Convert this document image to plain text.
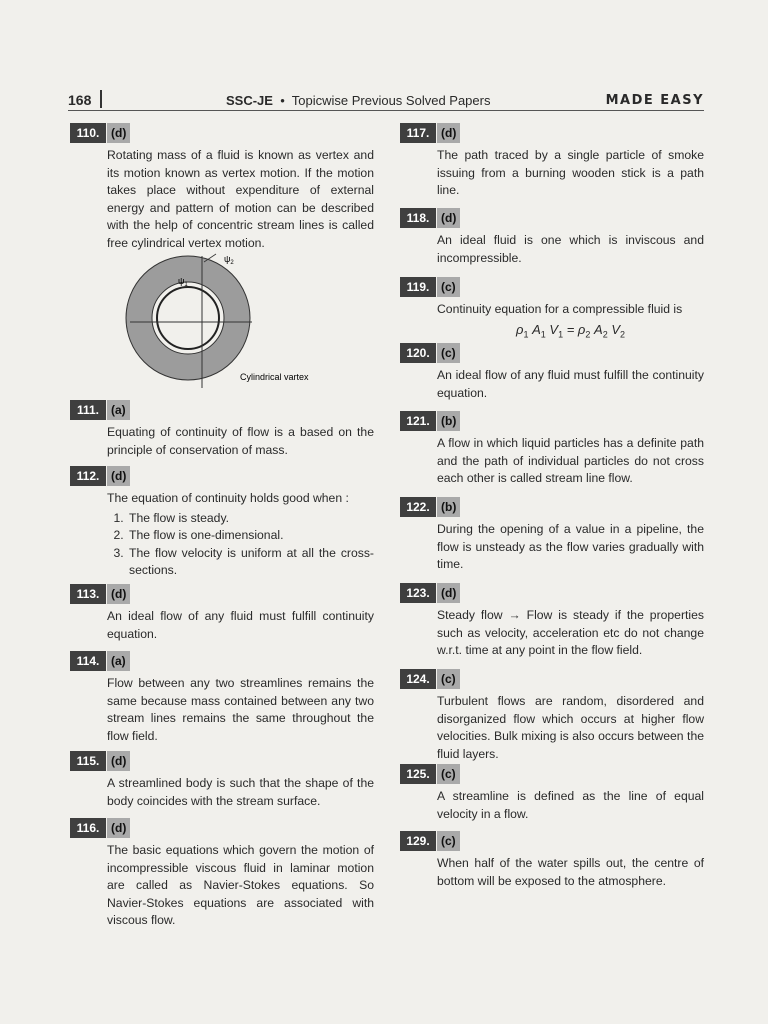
168	SSC-JE • Topicwise Previous Solved Papers	MADE EASY
110. (d)

Rotating mass of a fluid is known as vertex and its motion known as vertex motion. If the motion takes place without expenditure of external energy and pattern of motion can be described with the help of concentric stream lines is called free cylindrical vertex motion.

$\psi_1$
$\psi_2$
Cylindrical vartex
111. (a)

Equating of continuity of flow is a based on the principle of conservation of mass.

112. (d)

The equation of continuity holds good when :

1. The flow is steady.
2. The flow is one-dimensional.
3. The flow velocity is uniform at all the cross-sections.
113. (d)

An ideal flow of any fluid must fulfill continuity equation.

114. (a)

Flow between any two streamlines remains the same because mass contained between any two stream lines remains the same throughout the flow field.

115. (d)

A streamlined body is such that the shape of the body coincides with the stream surface.

116. (d)

The basic equations which govern the motion of incompressible viscous fluid in laminar motion are called as Navier-Stokes equations. So Navier-Stokes equations are associated with viscous flow.

117. (d)

The path traced by a single particle of smoke issuing from a burning wooden stick is a path line.

118. (d)

An ideal fluid is one which is inviscous and incompressible.

119. (c)

Continuity equation for a compressible fluid is

$\rho_1$ $A_1$ $V_1 = \rho_2$ $A_2$ $V_2$
120. (c)

An ideal flow of any fluid must fulfill the continuity equation.

121. (b)

A flow in which liquid particles has a definite path and the path of individual particles do not cross each other is called stream line flow.

122. (b)

During the opening of a value in a pipeline, the flow is unsteady as the flow varies gradually with time.

123. (d)

Steady flow → Flow is steady if the properties such as velocity, acceleration etc do not change w.r.t. time at any point in the flow field.

124. (c)

Turbulent flows are random, disordered and disorganized flow which occurs at higher flow velocities. Bulk mixing is also occurs between the fluid layers.

125. (c)

A streamline is defined as the line of equal velocity in a flow.

129. (c)

When half of the water spills out, the centre of bottom will be exposed to the atmosphere.
